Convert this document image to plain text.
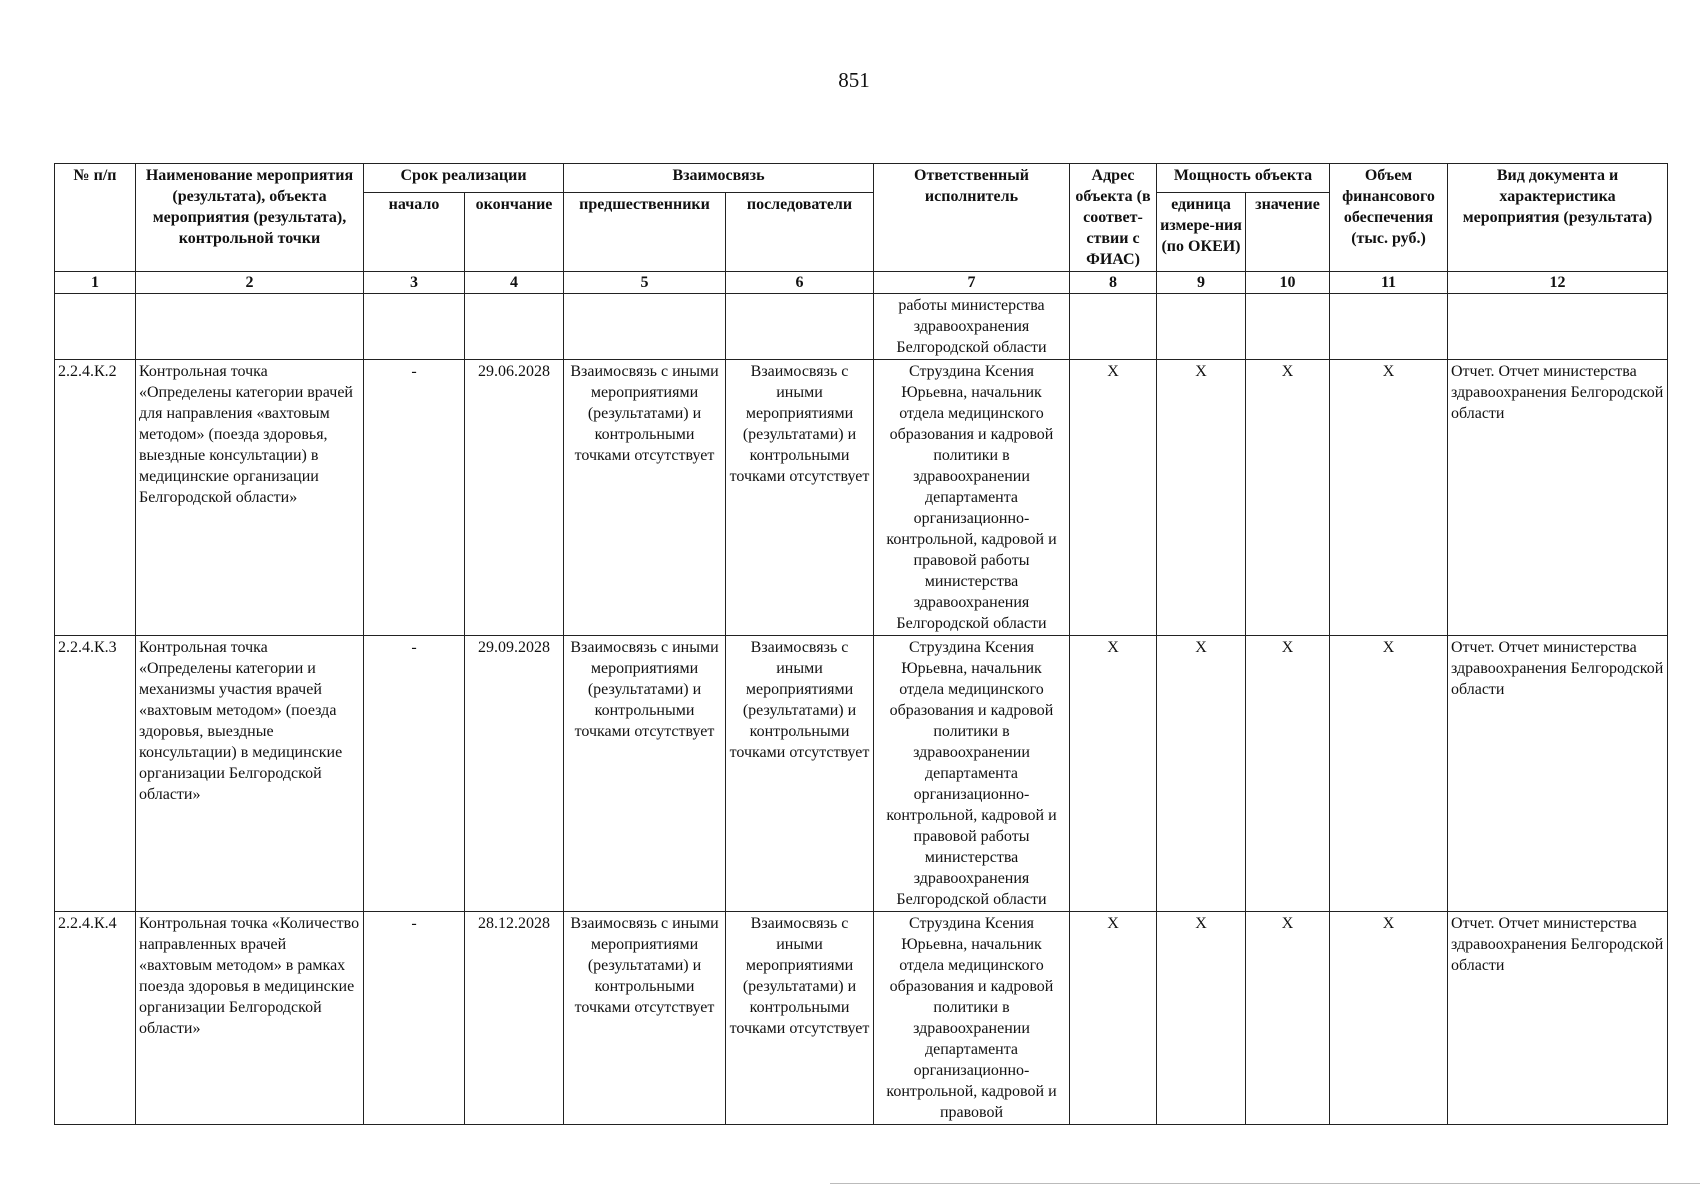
851
№ п/п	Наименование мероприятия (результата), объекта мероприятия (результата), контрольной точки	Срок реализации		Взаимосвязь		Ответственный исполнитель	Адрес объекта (в соответ-ствии с ФИАС)	Мощность объекта		Объем финансового обеспечения (тыс. руб.)	Вид документа и характеристика мероприятия (результата)
		начало	окончание	предшественники	последователи			единица измере-ния (по ОКЕИ)	значение		
1	2	3	4	5	6	7	8	9	10	11	12
						работы министерства здравоохранения Белгородской области					
2.2.4.К.2	Контрольная точка «Определены категории врачей для направления «вахтовым методом» (поезда здоровья, выездные консультации) в медицинские организации Белгородской области»	-	29.06.2028	Взаимосвязь с иными мероприятиями (результатами) и контрольными точками отсутствует	Взаимосвязь с иными мероприятиями (результатами) и контрольными точками отсутствует	Струздина Ксения Юрьевна, начальник отдела медицинского образования и кадровой политики в здравоохранении департамента организационно-контрольной, кадровой и правовой работы министерства здравоохранения Белгородской области	X	X	X	X	Отчет. Отчет министерства здравоохранения Белгородской области
2.2.4.К.3	Контрольная точка «Определены категории и механизмы участия врачей «вахтовым методом» (поезда здоровья, выездные консультации) в медицинские организации Белгородской области»	-	29.09.2028	Взаимосвязь с иными мероприятиями (результатами) и контрольными точками отсутствует	Взаимосвязь с иными мероприятиями (результатами) и контрольными точками отсутствует	Струздина Ксения Юрьевна, начальник отдела медицинского образования и кадровой политики в здравоохранении департамента организационно-контрольной, кадровой и правовой работы министерства здравоохранения Белгородской области	X	X	X	X	Отчет. Отчет министерства здравоохранения Белгородской области
2.2.4.К.4	Контрольная точка «Количество направленных врачей «вахтовым методом» в рамках поезда здоровья в медицинские организации Белгородской области»	-	28.12.2028	Взаимосвязь с иными мероприятиями (результатами) и контрольными точками отсутствует	Взаимосвязь с иными мероприятиями (результатами) и контрольными точками отсутствует	Струздина Ксения Юрьевна, начальник отдела медицинского образования и кадровой политики в здравоохранении департамента организационно-контрольной, кадровой и правовой	X	X	X	X	Отчет. Отчет министерства здравоохранения Белгородской области
